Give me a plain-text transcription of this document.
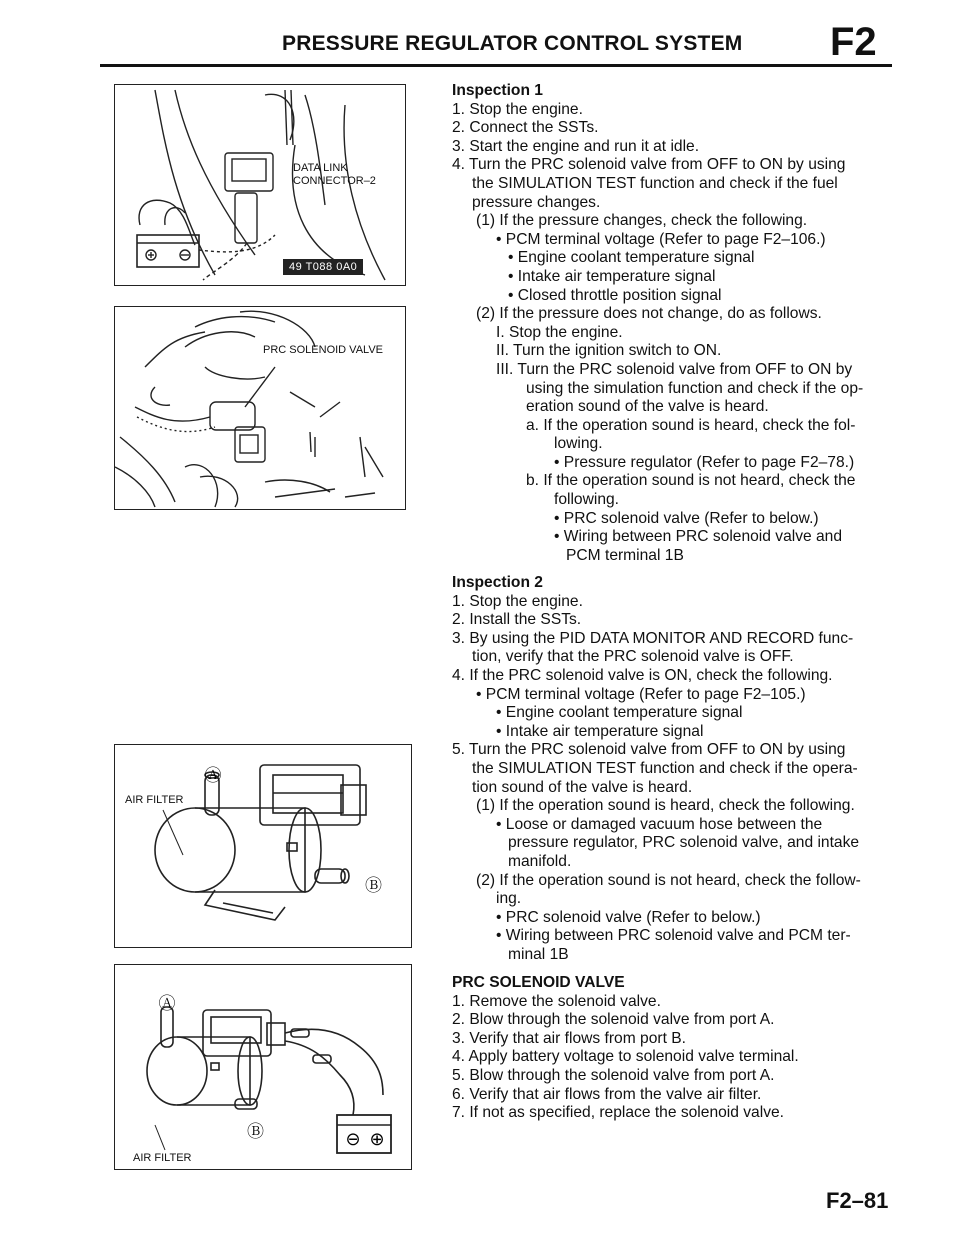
PRESSURE REGULATOR CONTROL SYSTEM F2
DATA LINK
CONNECTOR–2
49 T088 0A0
PRC SOLENOID VALVE
AIR FILTER
Ⓐ
Ⓑ
Ⓐ
Ⓑ	⊖ ⊕
AIR FILTER
Inspection 1
1. Stop the engine.
2. Connect the SSTs.
3. Start the engine and run it at idle.
4. Turn the PRC solenoid valve from OFF to ON by using
the SIMULATION TEST function and check if the fuel
pressure changes.
(1) If the pressure changes, check the following.
• PCM terminal voltage (Refer to page F2–106.)
• Engine coolant temperature signal
• Intake air temperature signal
• Closed throttle position signal
(2) If the pressure does not change, do as follows.
I. Stop the engine.
II. Turn the ignition switch to ON.
III. Turn the PRC solenoid valve from OFF to ON by
using the simulation function and check if the op-
eration sound of the valve is heard.
a. If the operation sound is heard, check the fol-
lowing.
• Pressure regulator (Refer to page F2–78.)
b. If the operation sound is not heard, check the
following.
• PRC solenoid valve (Refer to below.)
• Wiring between PRC solenoid valve and
PCM terminal 1B
Inspection 2
1. Stop the engine.
2. Install the SSTs.
3. By using the PID DATA MONITOR AND RECORD func-
tion, verify that the PRC solenoid valve is OFF.
4. If the PRC solenoid valve is ON, check the following.
• PCM terminal voltage (Refer to page F2–105.)
• Engine coolant temperature signal
• Intake air temperature signal
5. Turn the PRC solenoid valve from OFF to ON by using
the SIMULATION TEST function and check if the opera-
tion sound of the valve is heard.
(1) If the operation sound is heard, check the following.
• Loose or damaged vacuum hose between the
pressure regulator, PRC solenoid valve, and intake
manifold.
(2) If the operation sound is not heard, check the follow-
ing.
• PRC solenoid valve (Refer to below.)
• Wiring between PRC solenoid valve and PCM ter-
minal 1B
PRC SOLENOID VALVE
1. Remove the solenoid valve.
2. Blow through the solenoid valve from port A.
3. Verify that air flows from port B.
4. Apply battery voltage to solenoid valve terminal.
5. Blow through the solenoid valve from port A.
6. Verify that air flows from the valve air filter.
7. If not as specified, replace the solenoid valve.
F2–81
